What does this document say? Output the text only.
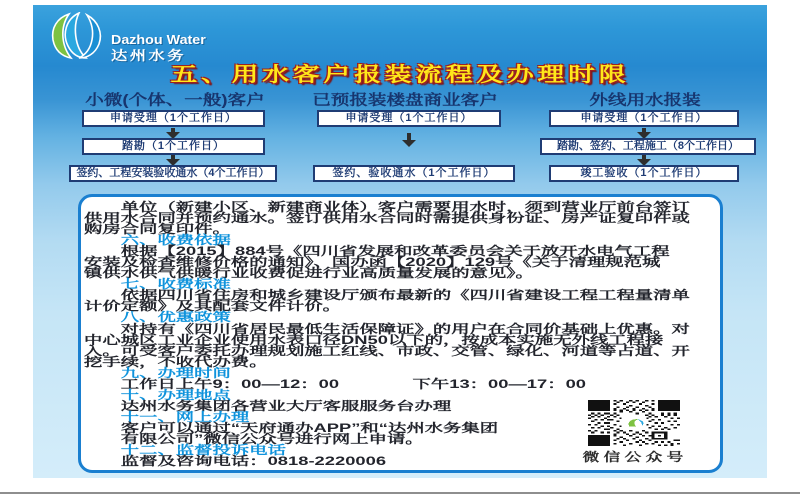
Dazhou Water
达州水务
五、用水客户报装流程及办理时限
小微(个体、一般)客户	已预报装楼盘商业客户	外线用水报装
申请受理（1个工作日）
踏勘（1个工作日）
签约、工程安装验收通水（4个工作日）
申请受理（1个工作日）
签约、验收通水（1个工作日）
申请受理（1个工作日）
踏勘、签约、工程施工（8个工作日）
竣工验收（1个工作日）
单位（新建小区、新建商业体）客户需要用水时，须到营业厅前台签订
供用水合同并预约通水。签订供用水合同时需提供身份证、房产证复印件或
购房合同复印件。
六、收费依据
根据【2015】884号《四川省发展和改革委员会关于放开水电气工程
安装及检查维修价格的通知》、国办函【2020】129号《关于清理规范城
镇供水供气供暖行业收费促进行业高质量发展的意见》。
七、收费标准
依据四川省住房和城乡建设厅颁布最新的《四川省建设工程工程量清单
计价定额》及其配套文件计价。
八、优惠政策
对持有《四川省居民最低生活保障证》的用户在合同价基础上优惠。对
中心城区工业企业使用水表口径DN50以下的，按成本实施无外线工程接
入。可受客户委托办理规划施工红线、市政、交管、绿化、河道等占道、开
挖手续，不收代办费。
九、办理时间
工作日上午9：00—12：00　　　　下午13：00—17：00
十、办理地点
达州水务集团各营业大厅客服服务台办理
十一、网上办理
客户可以通过“天府通办APP”和“达州水务集团
有限公司”微信公众号进行网上申请。
十二、监督投诉电话
监督及咨询电话：0818-2220006	微信公众号
